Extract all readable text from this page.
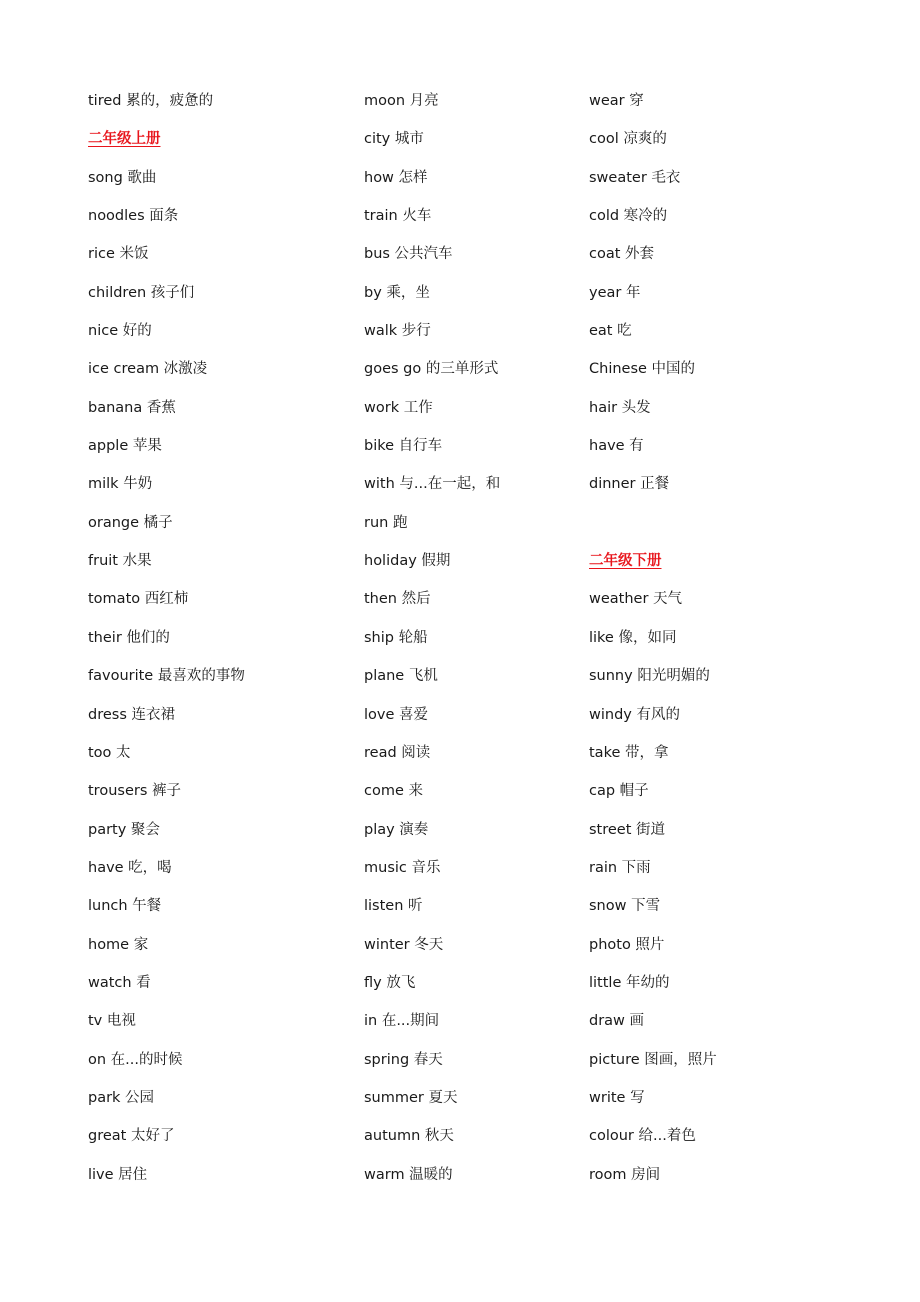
tired 累的，疲惫的
二年级上册
song 歌曲
noodles 面条
rice 米饭
children 孩子们
nice 好的
ice cream 冰激凌
banana 香蕉
apple 苹果
milk 牛奶
orange 橘子
fruit 水果
tomato 西红柿
their 他们的
favourite 最喜欢的事物
dress 连衣裙
too 太
trousers 裤子
party 聚会
have 吃，喝
lunch 午餐
home 家
watch 看
tv 电视
on 在...的时候
park 公园
great 太好了
live 居住
moon 月亮
city 城市
how 怎样
train 火车
bus 公共汽车
by 乘，坐
walk 步行
goes go 的三单形式
work 工作
bike 自行车
with 与...在一起，和
run 跑
holiday 假期
then 然后
ship 轮船
plane 飞机
love 喜爱
read 阅读
come 来
play 演奏
music 音乐
listen 听
winter 冬天
fly 放飞
in 在...期间
spring 春天
summer 夏天
autumn 秋天
warm 温暖的
wear 穿
cool 凉爽的
sweater 毛衣
cold 寒冷的
coat 外套
year 年
eat 吃
Chinese 中国的
hair 头发
have 有
dinner 正餐
二年级下册
weather 天气
like 像，如同
sunny 阳光明媚的
windy 有风的
take 带，拿
cap 帽子
street 街道
rain 下雨
snow 下雪
photo 照片
little 年幼的
draw 画
picture 图画，照片
write 写
colour 给...着色
room 房间
